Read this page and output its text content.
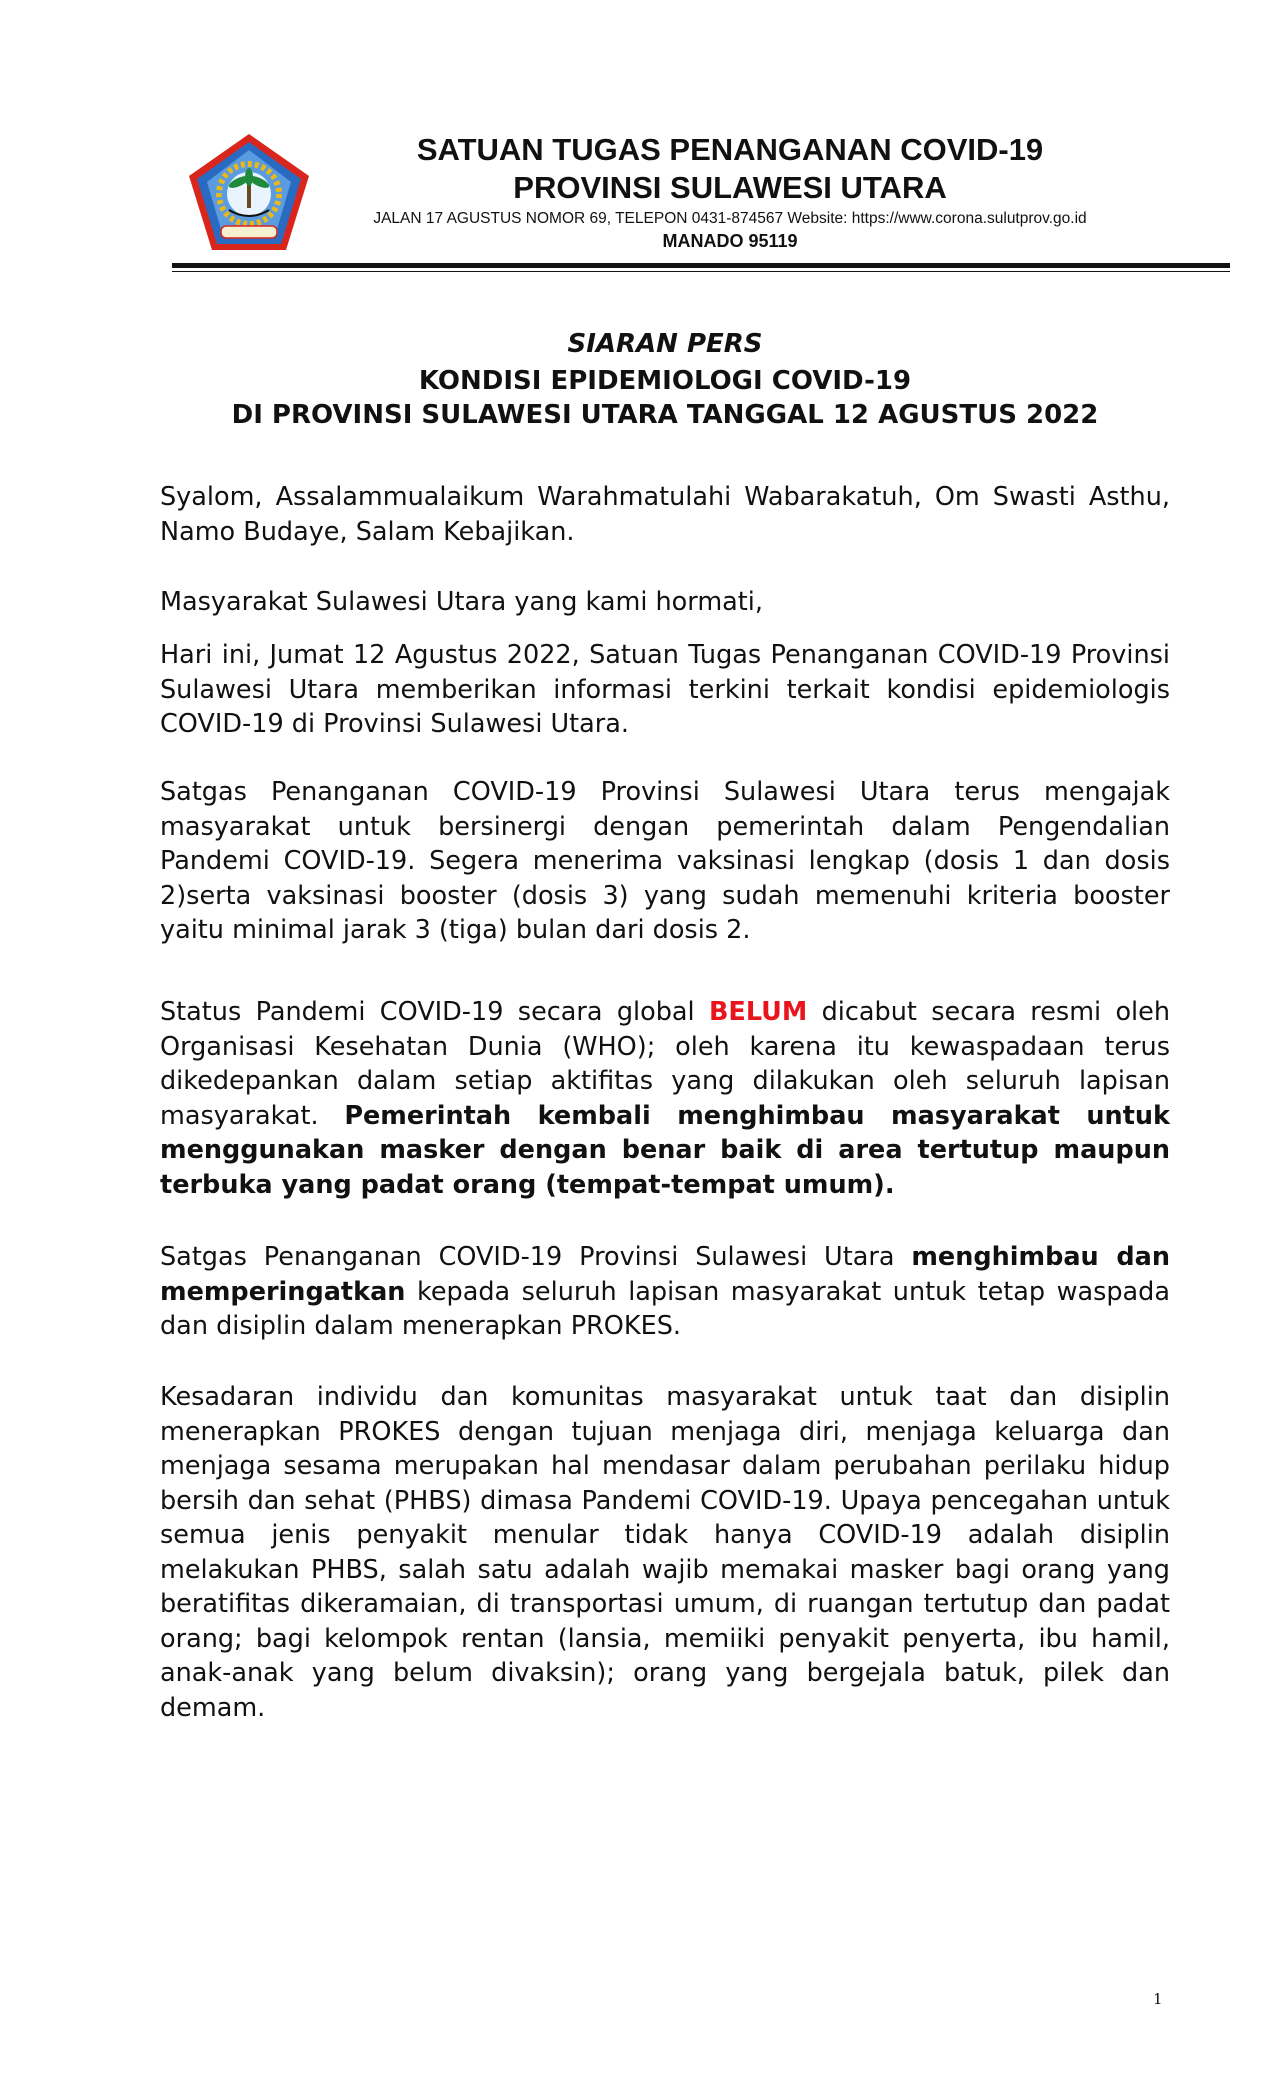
SATUAN TUGAS PENANGANAN COVID-19
PROVINSI SULAWESI UTARA
JALAN 17 AGUSTUS NOMOR 69, TELEPON 0431-874567 Website: https://www.corona.sulutprov.go.id
MANADO 95119
SIARAN PERS
KONDISI EPIDEMIOLOGI COVID-19
DI PROVINSI SULAWESI UTARA TANGGAL 12 AGUSTUS 2022

Syalom, Assalammualaikum Warahmatulahi Wabarakatuh, Om Swasti Asthu, Namo Budaye, Salam Kebajikan.

Masyarakat Sulawesi Utara yang kami hormati,

Hari ini, Jumat 12 Agustus 2022, Satuan Tugas Penanganan COVID-19 Provinsi Sulawesi Utara memberikan informasi terkini terkait kondisi epidemiologis COVID-19 di Provinsi Sulawesi Utara.

Satgas Penanganan COVID-19 Provinsi Sulawesi Utara terus mengajak masyarakat untuk bersinergi dengan pemerintah dalam Pengendalian Pandemi COVID-19. Segera menerima vaksinasi lengkap (dosis 1 dan dosis 2)serta vaksinasi booster (dosis 3) yang sudah memenuhi kriteria booster yaitu minimal jarak 3 (tiga) bulan dari dosis 2.

Status Pandemi COVID-19 secara global BELUM dicabut secara resmi oleh Organisasi Kesehatan Dunia (WHO); oleh karena itu kewaspadaan terus dikedepankan dalam setiap aktifitas yang dilakukan oleh seluruh lapisan masyarakat. Pemerintah kembali menghimbau masyarakat untuk menggunakan masker dengan benar baik di area tertutup maupun terbuka yang padat orang (tempat-tempat umum).

Satgas Penanganan COVID-19 Provinsi Sulawesi Utara menghimbau dan memperingatkan kepada seluruh lapisan masyarakat untuk tetap waspada dan disiplin dalam menerapkan PROKES.

Kesadaran individu dan komunitas masyarakat untuk taat dan disiplin menerapkan PROKES dengan tujuan menjaga diri, menjaga keluarga dan menjaga sesama merupakan hal mendasar dalam perubahan perilaku hidup bersih dan sehat (PHBS) dimasa Pandemi COVID-19. Upaya pencegahan untuk semua jenis penyakit menular tidak hanya COVID-19 adalah disiplin melakukan PHBS, salah satu adalah wajib memakai masker bagi orang yang beratifitas dikeramaian, di transportasi umum, di ruangan tertutup dan padat orang; bagi kelompok rentan (lansia, memiiki penyakit penyerta, ibu hamil, anak-anak yang belum divaksin); orang yang bergejala batuk, pilek dan demam.

1
